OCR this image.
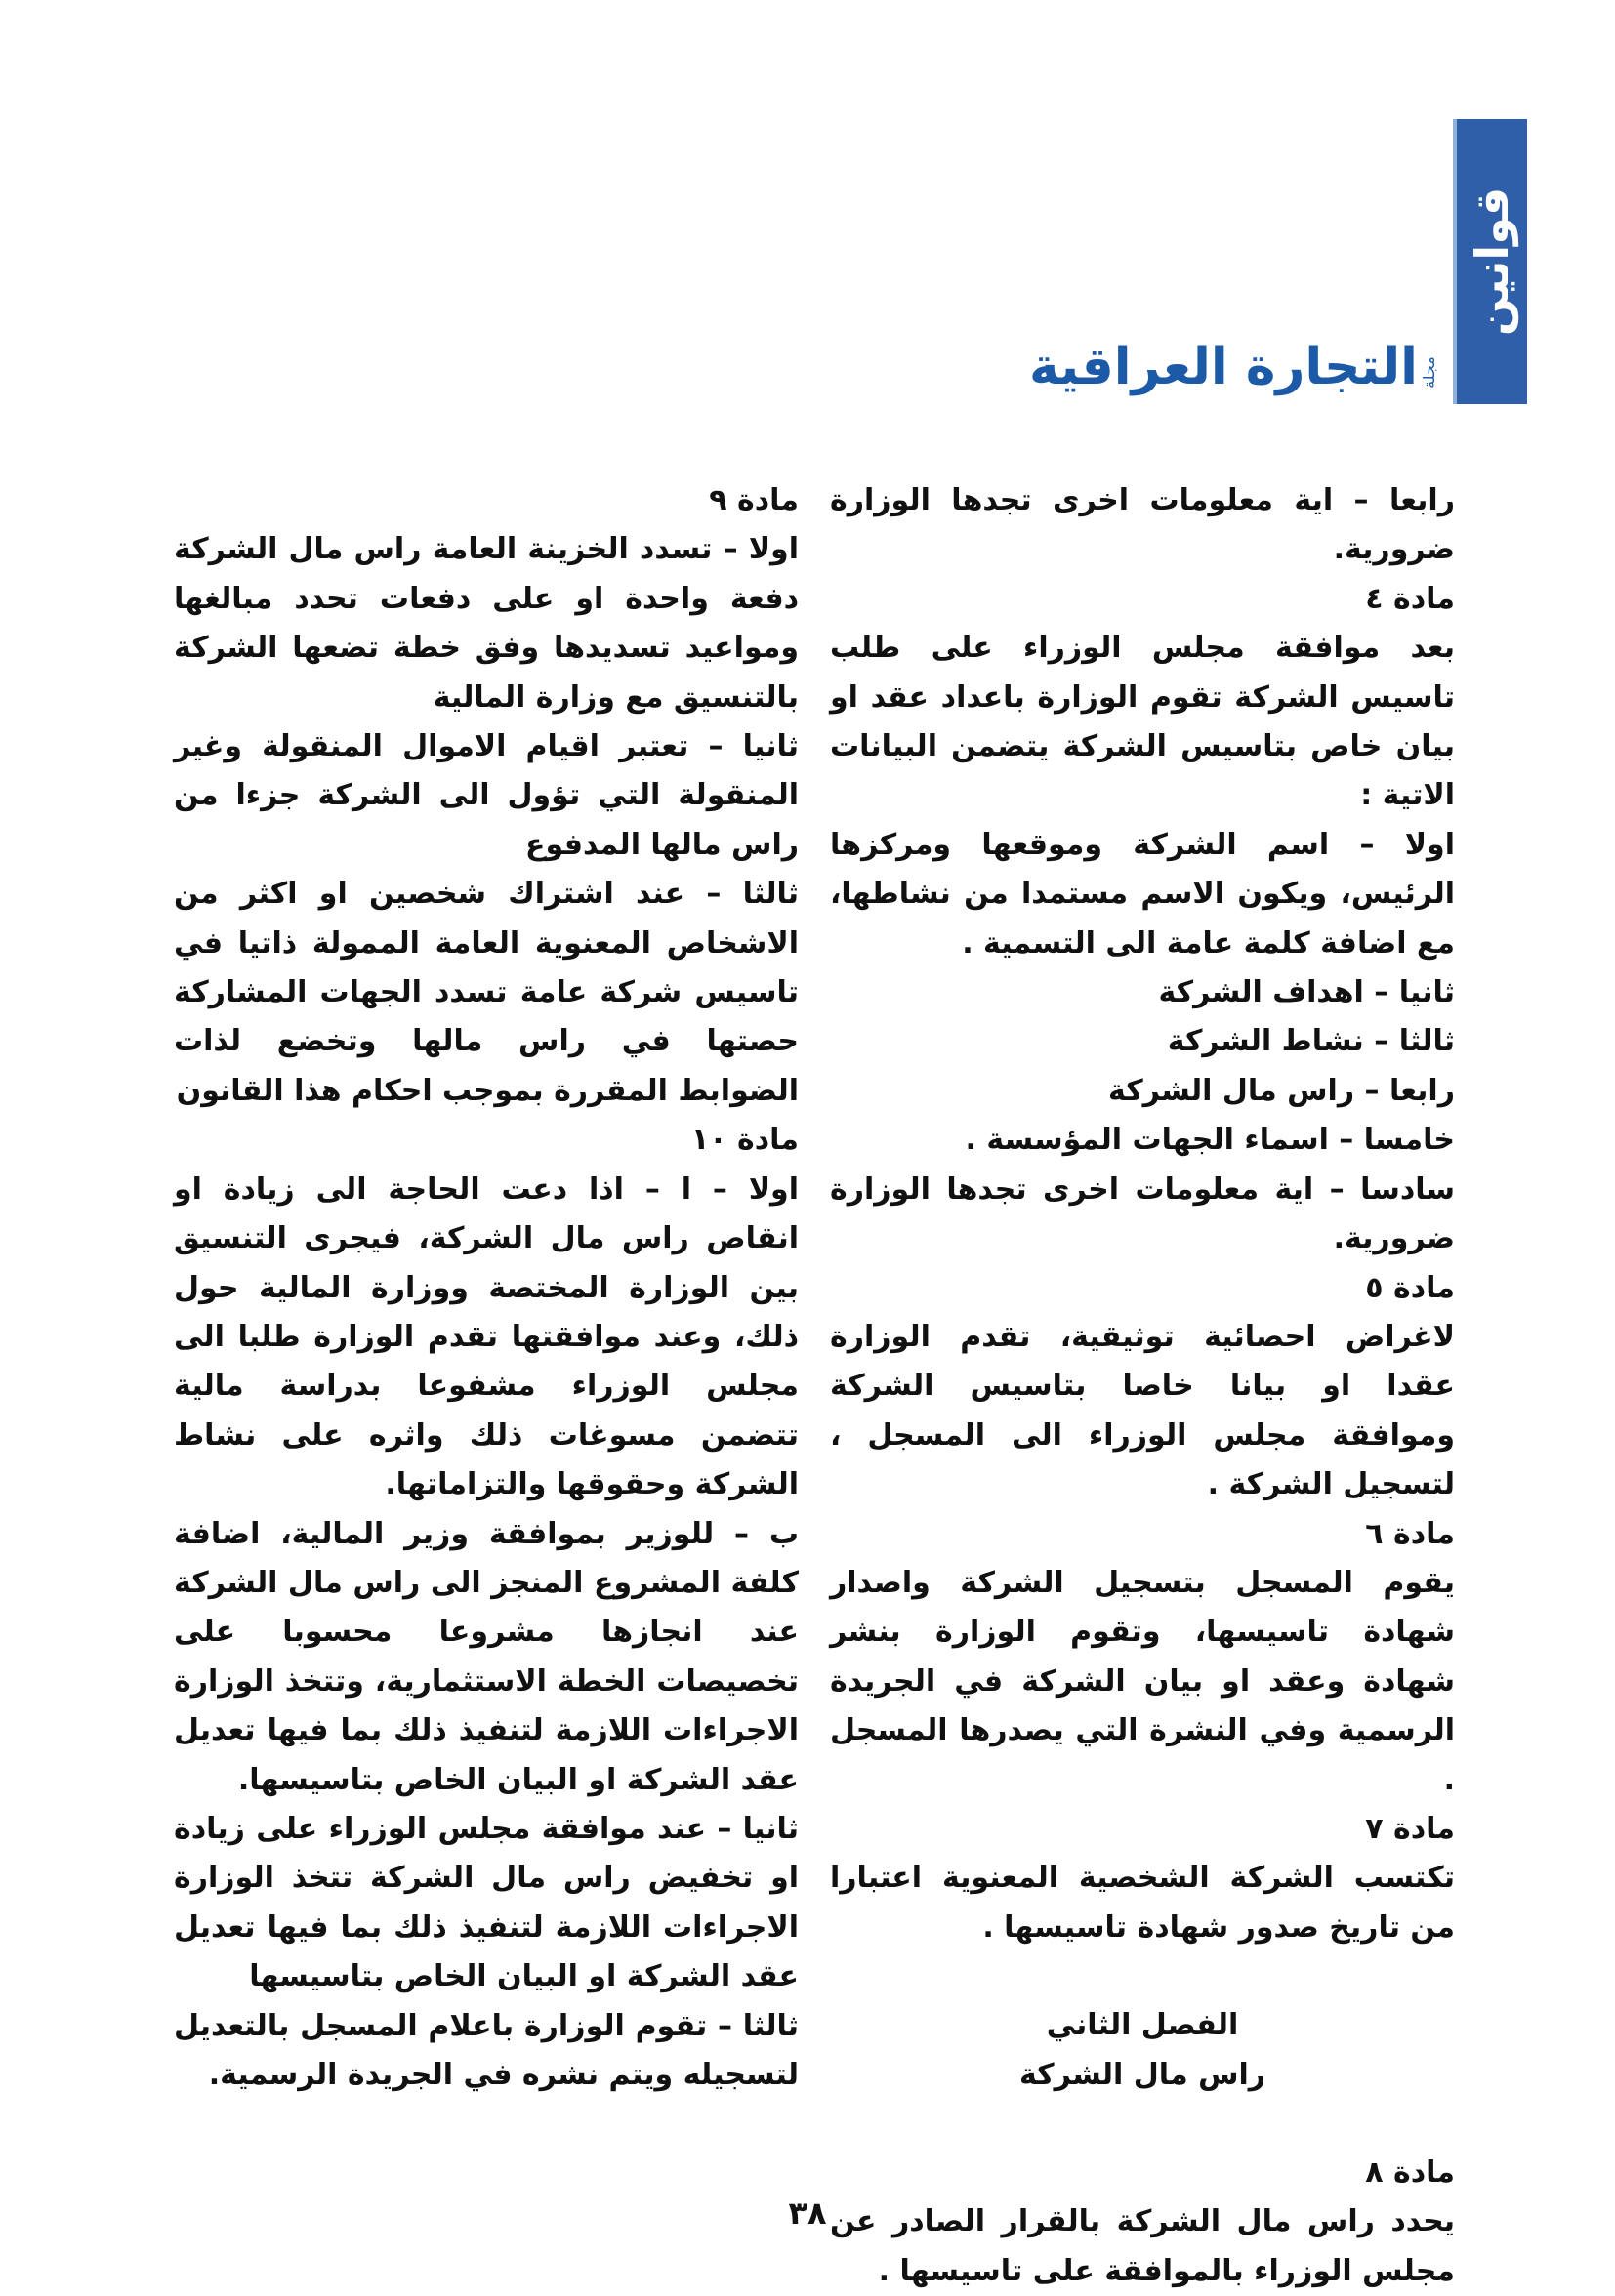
قوانين
التجارة العراقية مجلة

رابعا – اية معلومات اخرى تجدها الوزارة ضرورية.

مادة ٤

بعد موافقة مجلس الوزراء على طلب تاسيس الشركة تقوم الوزارة باعداد عقد او بيان خاص بتاسيس الشركة يتضمن البيانات الاتية :

اولا – اسم الشركة وموقعها ومركزها الرئيس، ويكون الاسم مستمدا من نشاطها، مع اضافة كلمة عامة الى التسمية .

ثانيا – اهداف الشركة

ثالثا – نشاط الشركة

رابعا – راس مال الشركة

خامسا – اسماء الجهات المؤسسة .

سادسا – اية معلومات اخرى تجدها الوزارة ضرورية.

مادة ٥

لاغراض احصائية توثيقية، تقدم الوزارة عقدا او بيانا خاصا بتاسيس الشركة وموافقة مجلس الوزراء الى المسجل ، لتسجيل الشركة .

مادة ٦

يقوم المسجل بتسجيل الشركة واصدار شهادة تاسيسها، وتقوم الوزارة بنشر شهادة وعقد او بيان الشركة في الجريدة الرسمية وفي النشرة التي يصدرها المسجل .

مادة ٧

تكتسب الشركة الشخصية المعنوية اعتبارا من تاريخ صدور شهادة تاسيسها .

الفصل الثاني

راس مال الشركة

مادة ٨

يحدد راس مال الشركة بالقرار الصادر عن مجلس الوزراء بالموافقة على تاسيسها .

مادة ٩

اولا – تسدد الخزينة العامة راس مال الشركة دفعة واحدة او على دفعات تحدد مبالغها ومواعيد تسديدها وفق خطة تضعها الشركة بالتنسيق مع وزارة المالية

ثانيا – تعتبر اقيام الاموال المنقولة وغير المنقولة التي تؤول الى الشركة جزءا من راس مالها المدفوع

ثالثا – عند اشتراك شخصين او اكثر من الاشخاص المعنوية العامة الممولة ذاتيا في تاسيس شركة عامة تسدد الجهات المشاركة حصتها في راس مالها وتخضع لذات الضوابط المقررة بموجب احكام هذا القانون

مادة ١٠

اولا – ا – اذا دعت الحاجة الى زيادة او انقاص راس مال الشركة، فيجرى التنسيق بين الوزارة المختصة ووزارة المالية حول ذلك، وعند موافقتها تقدم الوزارة طلبا الى مجلس الوزراء مشفوعا بدراسة مالية تتضمن مسوغات ذلك واثره على نشاط الشركة وحقوقها والتزاماتها.

ب – للوزير بموافقة وزير المالية، اضافة كلفة المشروع المنجز الى راس مال الشركة عند انجازها مشروعا محسوبا على تخصيصات الخطة الاستثمارية، وتتخذ الوزارة الاجراءات اللازمة لتنفيذ ذلك بما فيها تعديل عقد الشركة او البيان الخاص بتاسيسها.

ثانيا – عند موافقة مجلس الوزراء على زيادة او تخفيض راس مال الشركة تتخذ الوزارة الاجراءات اللازمة لتنفيذ ذلك بما فيها تعديل عقد الشركة او البيان الخاص بتاسيسها

ثالثا – تقوم الوزارة باعلام المسجل بالتعديل لتسجيله ويتم نشره في الجريدة الرسمية.

٣٨
